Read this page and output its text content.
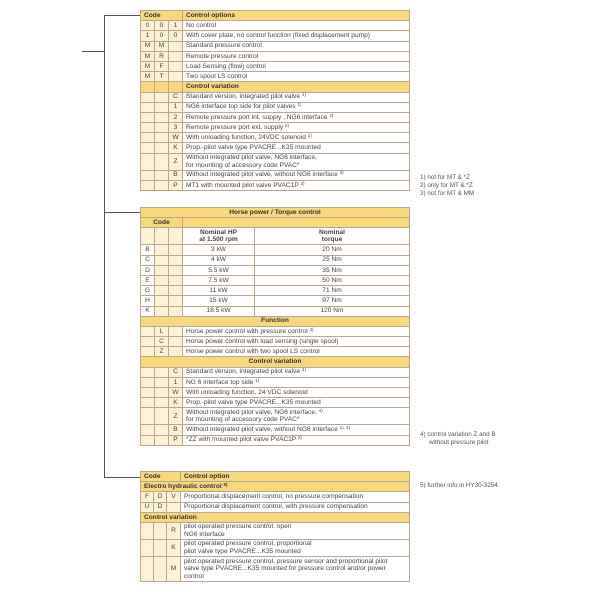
Code			Control options
0	0	1	No control

1	0	0	With cover plate, no control function (fixed displacement pump)

M	M		Standard pressure control

M	R		Remote pressure control

M	F		Load Sensing (flow) control

M	T		Two spool LS control

			Control variation
		C	Standard version, integrated pilot valve $^{1)}$

		1	NG6 interface top side for pilot valves $^{1)}$

		2	Remote pressure port int. supply , NG6 interface $^{2)}$

		3	Remote pressure port ext. supply $^{2)}$

		W	With unloading function, 24VDC solenoid $^{1)}$

		K	Prop.-pilot valve type PVACRE...K35 mounted

		Z	Without integrated pilot valve, NG6 interface,
for mounting of accessory code PVAC*

		B	Without integrated pilot valve, without NG6 interface $^{3)}$

		P	MT1 with mounted pilot valve PVAC1P $^{2)}$
1) not for MT & *Z
2) only for MT & *Z
3) not for MT & MM
Horse power / Torque control				
Code				

Nominal HP
at 1.500 rpm

Nominal
torque

B			3 kW	20 Nm
C			4 kW	25 Nm
D			5.5 kW	35 Nm
E			7.5 kW	50 Nm
G			11 kW	71 Nm
H			15 kW	97 Nm
K			18.5 kW	120 Nm
Function				
	L		Horse power control with pressure control $^{4)}$

	C		Horse power control with load sensing (single spool)	

	Z		Horse power control with two spool LS control	

Control variation				
		C	Standard version, integrated pilot valve $^{1)}$

		1	NG 6 interface top side $^{1)}$

		W	With unloading function, 24 VDC solenoid	

		K	Prop.-pilot valve type PVACRE...K35 mounted	

		Z	Without integrated pilot valve, NG6 interface, $^{4)}$
for mounting of accessory code PVAC*	

		B	Without integrated pilot valve, without NG6 interface $^{1), 4)}$

		P	*ZZ with mounted pilot valve PVAC1P $^{2)}$	4) control variation Z and B
without pressure pilot
5) further info in HY30-3254
Code			Control option
Electro hydraulic control $^{5)}$
F	D	V	Proportional displacement control, no pressure compensation

U	D		Proportional displacement control, with pressure compensation

Control variation			
		R	pilot operated pressure control, open
NG6 interface

		K	pilot operated pressure control, proportional
pilot valve type PVACRE...K35 mounted

		M	pilot operated pressure control, pressure sensor and proportional pilot
valve type PVACRE...K35 mounted for pressure control and/or power
control
